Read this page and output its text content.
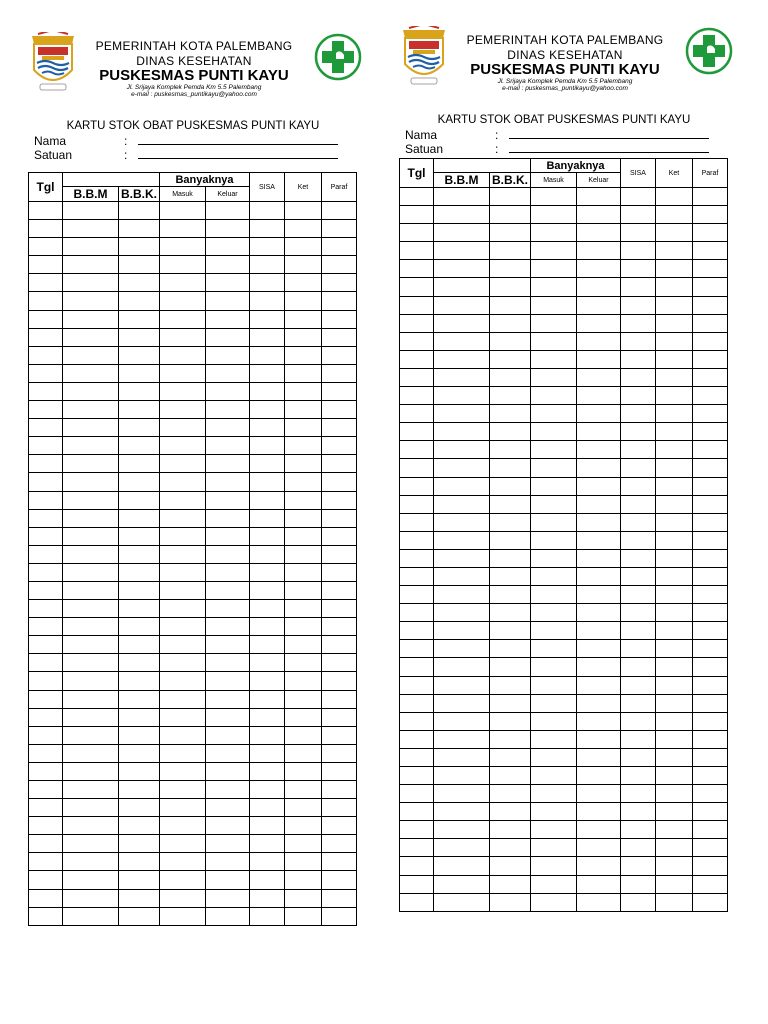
PEMERINTAH KOTA PALEMBANG
DINAS KESEHATAN
PUSKESMAS PUNTI KAYU
Jl. Srijaya Komplek Pemda Km 5.5 Palembang
e-mail : puskesmas_puntikayu@yahoo.com
KARTU STOK OBAT PUSKESMAS PUNTI KAYU
Nama	:
Satuan	:
Tgl			Banyaknya		SISA	Ket	Paraf
	B.B.M	B.B.K.	Masuk	Keluar			

PEMERINTAH KOTA PALEMBANG
DINAS KESEHATAN
PUSKESMAS PUNTI KAYU
Jl. Srijaya Komplek Pemda Km 5.5 Palembang
e-mail : puskesmas_puntikayu@yahoo.com
KARTU STOK OBAT PUSKESMAS PUNTI KAYU
Nama	:
Satuan	:
Tgl			Banyaknya		SISA	Ket	Paraf
	B.B.M	B.B.K.	Masuk	Keluar			
